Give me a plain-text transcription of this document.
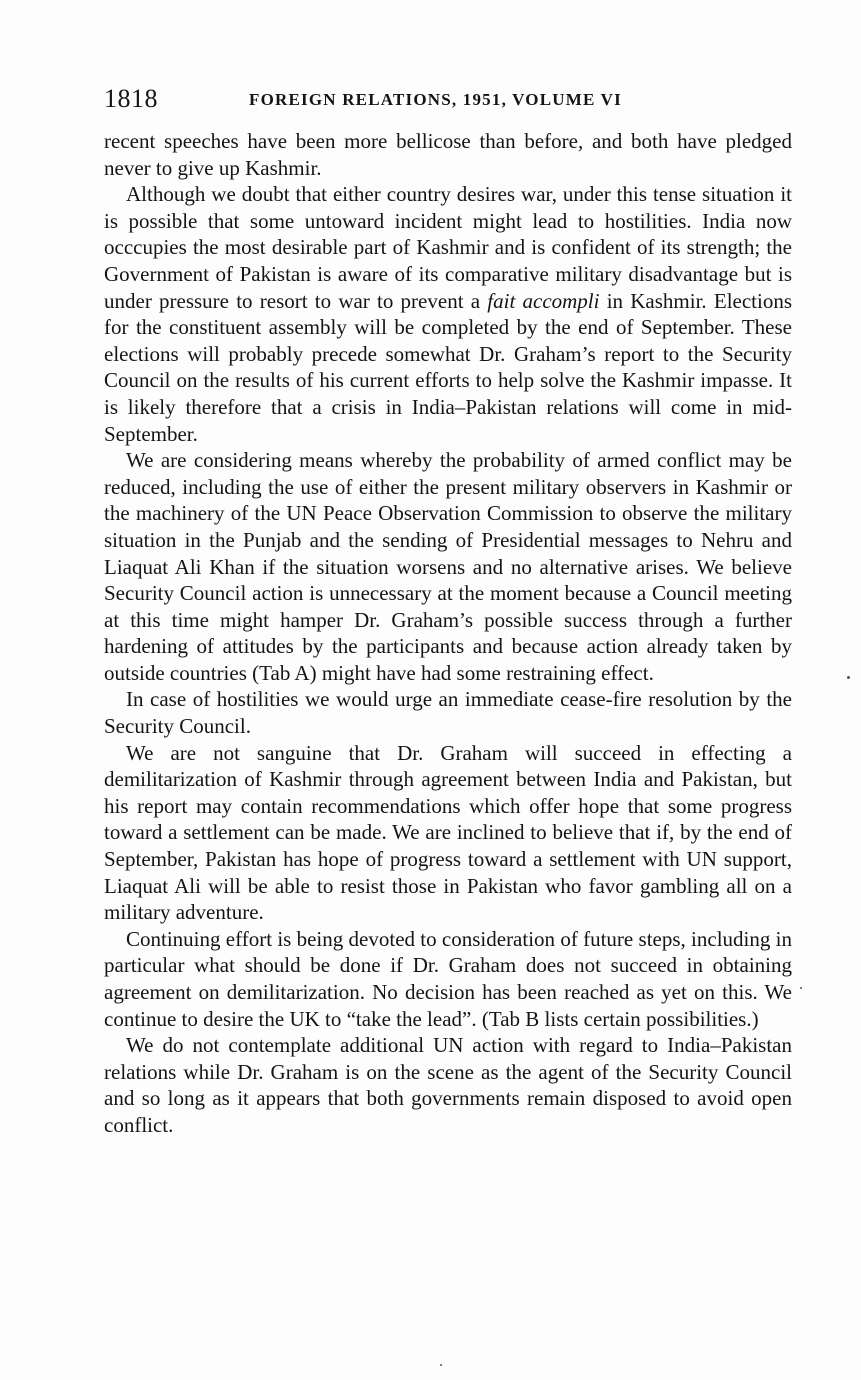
1818	FOREIGN RELATIONS, 1951, VOLUME VI

recent speeches have been more bellicose than before, and both have pledged never to give up Kashmir.

Although we doubt that either country desires war, under this tense situation it is possible that some untoward incident might lead to hostilities. India now occcupies the most desirable part of Kashmir and is confident of its strength; the Government of Pakistan is aware of its comparative military disadvantage but is under pressure to resort to war to prevent a fait accompli in Kashmir. Elections for the constituent assembly will be completed by the end of September. These elections will probably precede somewhat Dr. Graham’s report to the Security Council on the results of his current efforts to help solve the Kashmir impasse. It is likely therefore that a crisis in India–Pakistan relations will come in mid-September.

We are considering means whereby the probability of armed conflict may be reduced, including the use of either the present military observers in Kashmir or the machinery of the UN Peace Observation Commission to observe the military situation in the Punjab and the sending of Presidential messages to Nehru and Liaquat Ali Khan if the situation worsens and no alternative arises. We believe Security Council action is unnecessary at the moment because a Council meeting at this time might hamper Dr. Graham’s possible success through a further hardening of attitudes by the participants and because action already taken by outside countries (Tab A) might have had some restraining effect.

In case of hostilities we would urge an immediate cease-fire resolution by the Security Council.

We are not sanguine that Dr. Graham will succeed in effecting a demilitarization of Kashmir through agreement between India and Pakistan, but his report may contain recommendations which offer hope that some progress toward a settlement can be made. We are inclined to believe that if, by the end of September, Pakistan has hope of progress toward a settlement with UN support, Liaquat Ali will be able to resist those in Pakistan who favor gambling all on a military adventure.

Continuing effort is being devoted to consideration of future steps, including in particular what should be done if Dr. Graham does not succeed in obtaining agreement on demilitarization. No decision has been reached as yet on this. We continue to desire the UK to “take the lead”. (Tab B lists certain possibilities.)

We do not contemplate additional UN action with regard to India–Pakistan relations while Dr. Graham is on the scene as the agent of the Security Council and so long as it appears that both governments remain disposed to avoid open conflict.
